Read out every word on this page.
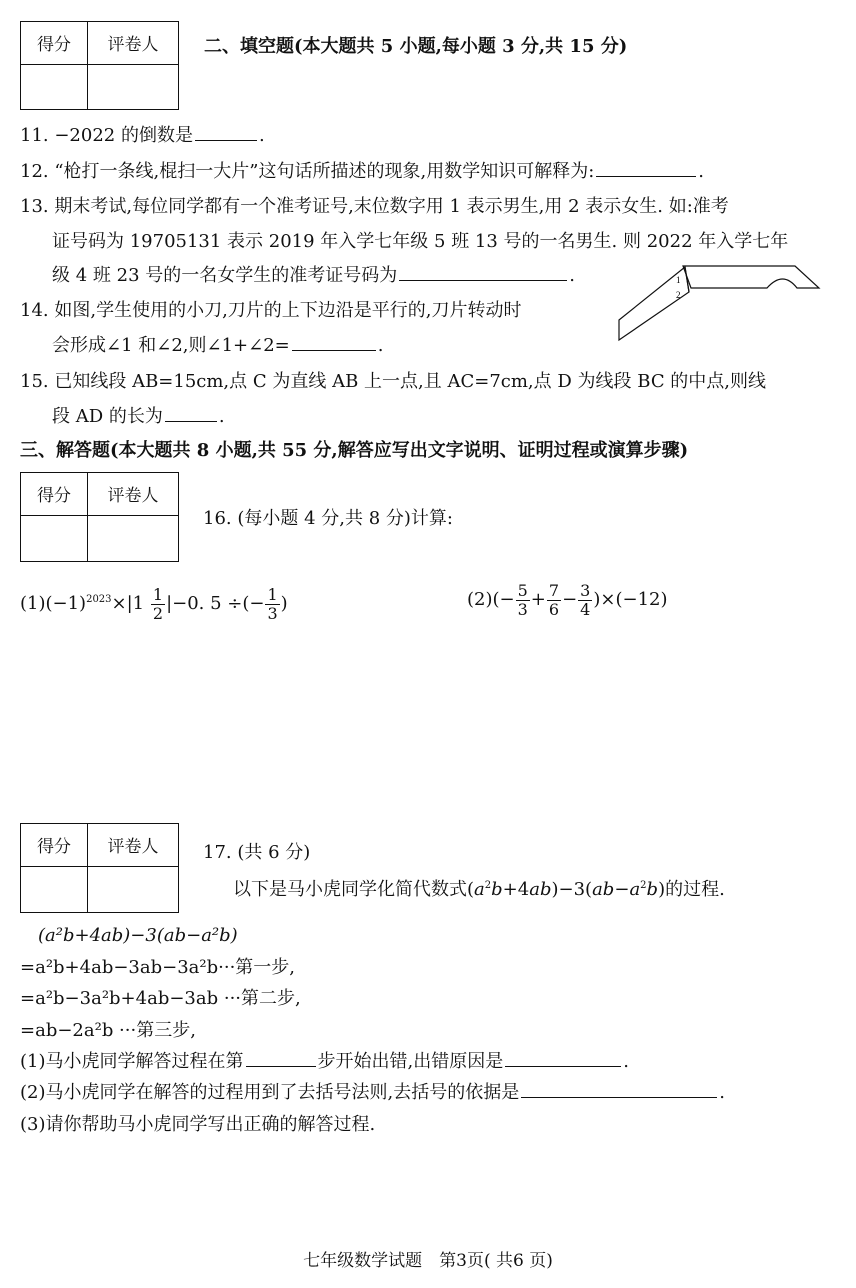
得分	评卷人	二、填空题(本大题共 5 小题,每小题 3 分,共 15 分)
11. −2022 的倒数是	.
12. “枪打一条线,棍扫一大片”这句话所描述的现象,用数学知识可解释为:	.
13. 期末考试,每位同学都有一个准考证号,末位数字用 1 表示男生,用 2 表示女生. 如:准考
证号码为 19705131 表示 2019 年入学七年级 5 班 13 号的一名男生. 则 2022 年入学七年
级 4 班 23 号的一名女学生的准考证号码为	.	1
2
14. 如图,学生使用的小刀,刀片的上下边沿是平行的,刀片转动时
会形成∠1 和∠2,则∠1+∠2=	.
15. 已知线段 AB=15cm,点 C 为直线 AB 上一点,且 AC=7cm,点 D 为线段 BC 的中点,则线
段 AD 的长为	.
三、解答题(本大题共 8 小题,共 55 分,解答应写出文字说明、证明过程或演算步骤)
得分	评卷人
16. (每小题 4 分,共 8 分)计算:
$(1)(-1)^{2023}\times|1 \frac{1}{2} |-0$. 5 ÷(− $\frac{1}{3}$ )	$(2)(- \frac{5}{3} + \frac{7}{6} - \frac{3}{4} )\times(-12)$
得分	评卷人	17. (共 6 分)
以下是马小虎同学化简代数式$(a^2b+4ab)-3(ab-a^2b)$的过程.
(a²b+4ab)−3(ab−a²b)
=a²b+4ab−3ab−3a²b···第一步,
=a²b−3a²b+4ab−3ab ···第二步,
=ab−2a²b ···第三步,
(1)马小虎同学解答过程在第	步开始出错,出错原因是	.
(2)马小虎同学在解答的过程用到了去括号法则,去括号的依据是	.
(3)请你帮助马小虎同学写出正确的解答过程.
七年级数学试题　第3页( 共6 页)
